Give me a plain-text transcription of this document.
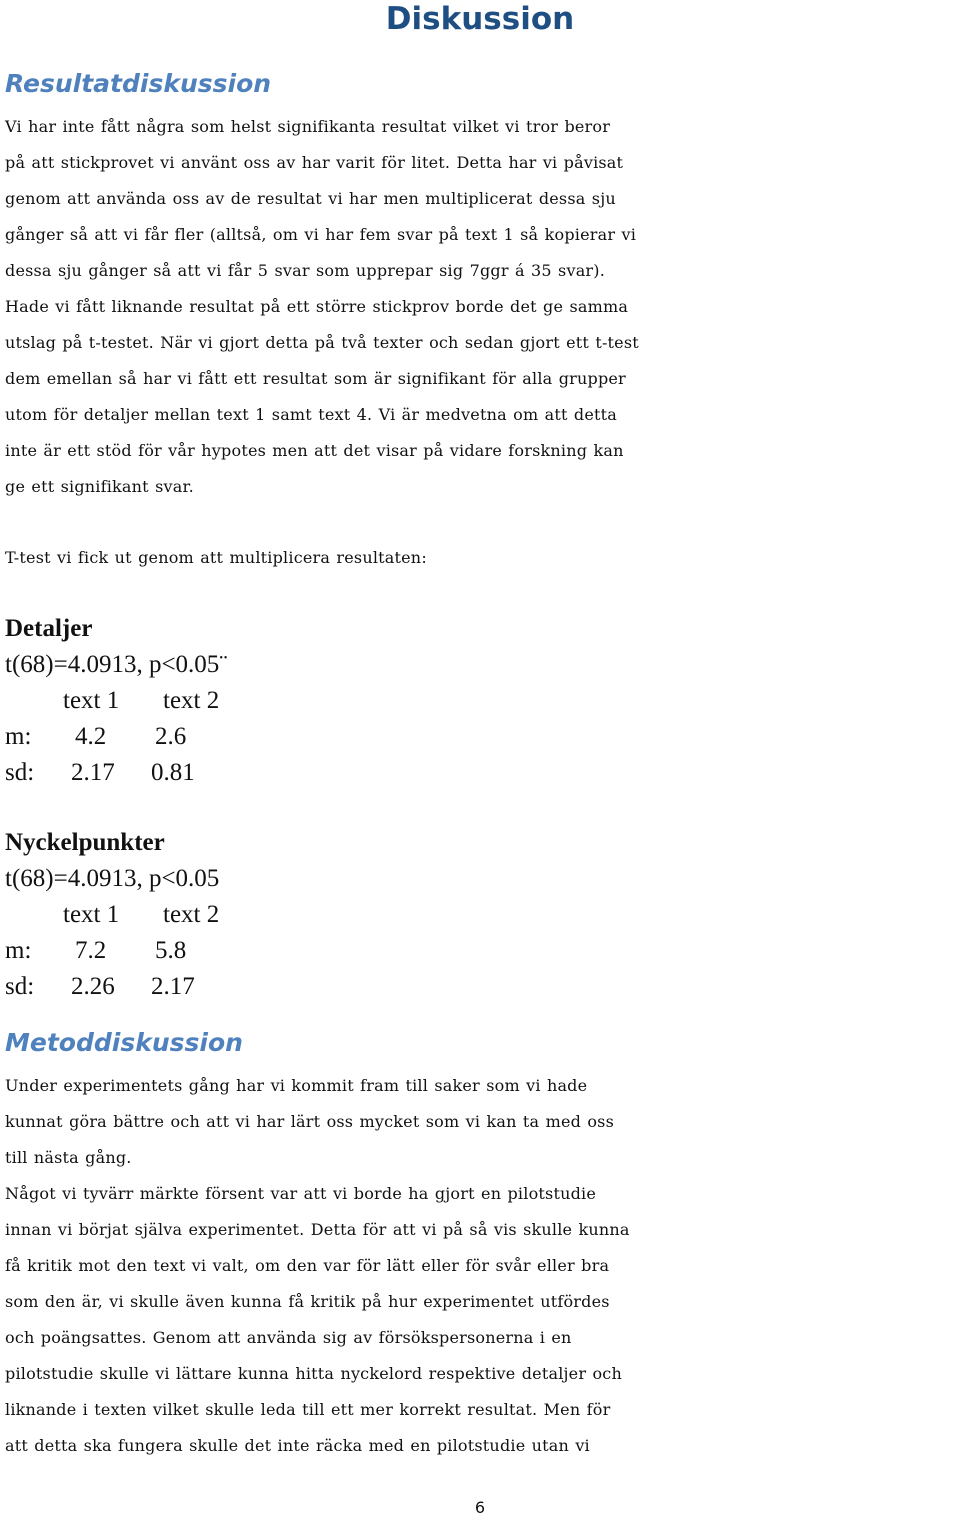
Diskussion
Resultatdiskussion
Vi har inte fått några som helst signifikanta resultat vilket vi tror beror
på att stickprovet vi använt oss av har varit för litet. Detta har vi påvisat
genom att använda oss av de resultat vi har men multiplicerat dessa sju
gånger så att vi får fler (alltså, om vi har fem svar på text 1 så kopierar vi
dessa sju gånger så att vi får 5 svar som upprepar sig 7ggr á 35 svar).
Hade vi fått liknande resultat på ett större stickprov borde det ge samma
utslag på t-testet. När vi gjort detta på två texter och sedan gjort ett t-test
dem emellan så har vi fått ett resultat som är signifikant för alla grupper
utom för detaljer mellan text 1 samt text 4. Vi är medvetna om att detta
inte är ett stöd för vår hypotes men att det visar på vidare forskning kan
ge ett signifikant svar.
T-test vi fick ut genom att multiplicera resultaten:
Detaljer
t(68)=4.0913, p<0.05¨
text 1 text 2
m: 4.2 2.6
sd: 2.17 0.81
Nyckelpunkter
t(68)=4.0913, p<0.05
text 1 text 2
m: 7.2 5.8
sd: 2.26 2.17
Metoddiskussion
Under experimentets gång har vi kommit fram till saker som vi hade
kunnat göra bättre och att vi har lärt oss mycket som vi kan ta med oss
till nästa gång.
Något vi tyvärr märkte försent var att vi borde ha gjort en pilotstudie
innan vi börjat själva experimentet. Detta för att vi på så vis skulle kunna
få kritik mot den text vi valt, om den var för lätt eller för svår eller bra
som den är, vi skulle även kunna få kritik på hur experimentet utfördes
och poängsattes. Genom att använda sig av försökspersonerna i en
pilotstudie skulle vi lättare kunna hitta nyckelord respektive detaljer och
liknande i texten vilket skulle leda till ett mer korrekt resultat. Men för
att detta ska fungera skulle det inte räcka med en pilotstudie utan vi
6
